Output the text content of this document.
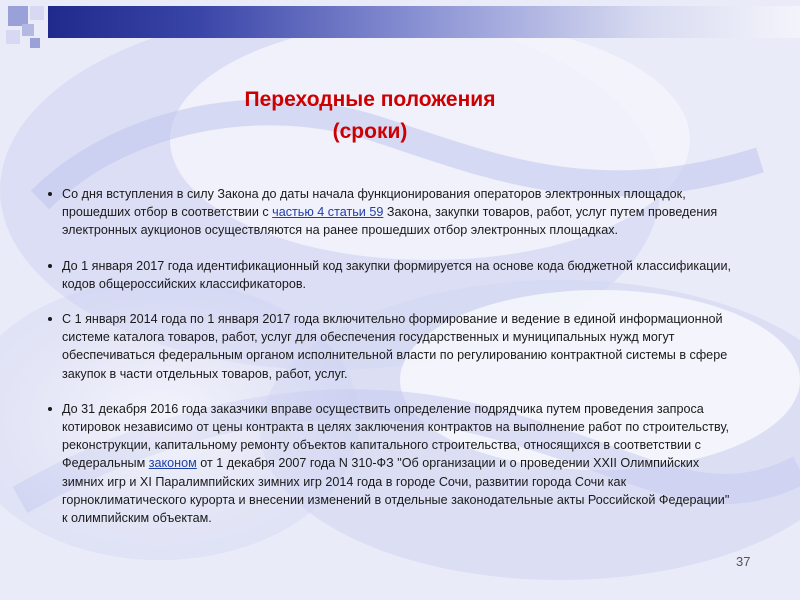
Переходные положения
(сроки)
Со дня вступления в силу Закона до даты начала функционирования операторов электронных площадок, прошедших отбор в соответствии с частью 4 статьи 59 Закона, закупки товаров, работ, услуг путем проведения электронных аукционов осуществляются на ранее прошедших отбор электронных площадках.
До 1 января 2017 года идентификационный код закупки формируется на основе кода бюджетной классификации, кодов общероссийских классификаторов.
С 1 января 2014 года по 1 января 2017 года включительно формирование и ведение в единой информационной системе каталога товаров, работ, услуг для обеспечения государственных и муниципальных нужд могут обеспечиваться федеральным органом исполнительной власти по регулированию контрактной системы в сфере закупок в части отдельных товаров, работ, услуг.
До 31 декабря 2016 года заказчики вправе осуществить определение подрядчика путем проведения запроса котировок независимо от цены контракта в целях заключения контрактов на выполнение работ по строительству, реконструкции, капитальному ремонту объектов капитального строительства, относящихся в соответствии с Федеральным законом от 1 декабря 2007 года N 310-ФЗ "Об организации и о проведении XXII Олимпийских зимних игр и XI Паралимпийских зимних игр 2014 года в городе Сочи, развитии города Сочи как горноклиматического курорта и внесении изменений в отдельные законодательные акты Российской Федерации" к олимпийским объектам.
37
